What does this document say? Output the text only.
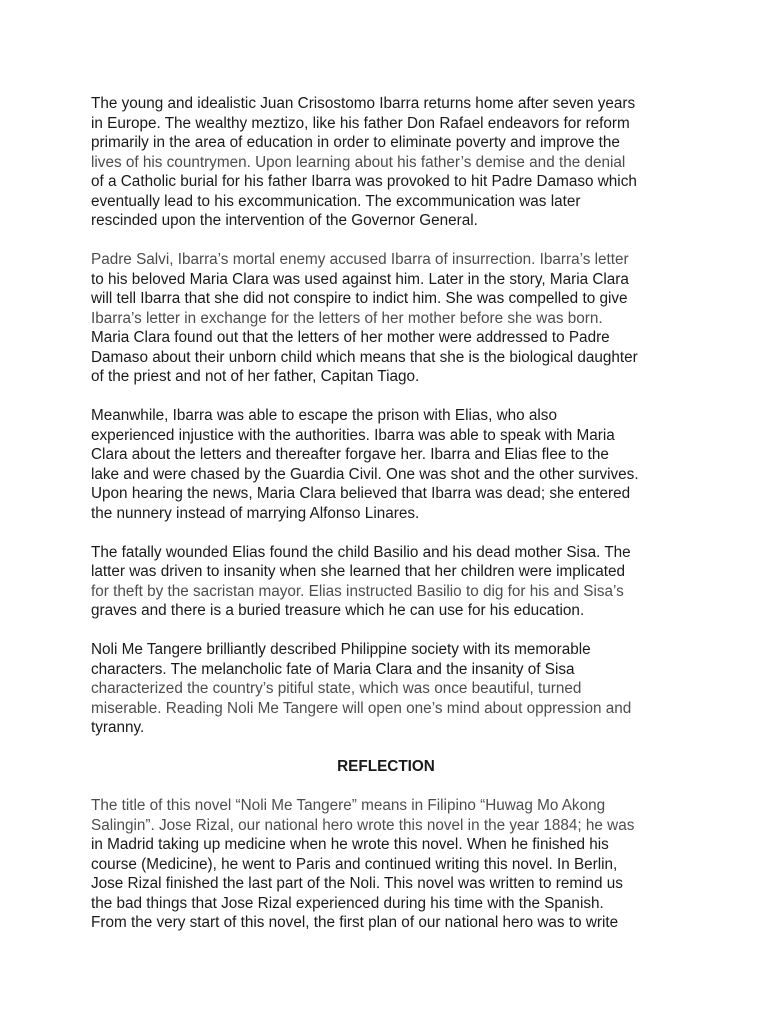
The young and idealistic Juan Crisostomo Ibarra returns home after seven years
in Europe. The wealthy meztizo, like his father Don Rafael endeavors for reform
primarily in the area of education in order to eliminate poverty and improve the
lives of his countrymen. Upon learning about his father’s demise and the denial
of a Catholic burial for his father Ibarra was provoked to hit Padre Damaso which
eventually lead to his excommunication. The excommunication was later
rescinded upon the intervention of the Governor General.

Padre Salvi, Ibarra’s mortal enemy accused Ibarra of insurrection. Ibarra’s letter
to his beloved Maria Clara was used against him. Later in the story, Maria Clara
will tell Ibarra that she did not conspire to indict him. She was compelled to give
Ibarra’s letter in exchange for the letters of her mother before she was born.
Maria Clara found out that the letters of her mother were addressed to Padre
Damaso about their unborn child which means that she is the biological daughter
of the priest and not of her father, Capitan Tiago.

Meanwhile, Ibarra was able to escape the prison with Elias, who also
experienced injustice with the authorities. Ibarra was able to speak with Maria
Clara about the letters and thereafter forgave her. Ibarra and Elias flee to the
lake and were chased by the Guardia Civil. One was shot and the other survives.
Upon hearing the news, Maria Clara believed that Ibarra was dead; she entered
the nunnery instead of marrying Alfonso Linares.

The fatally wounded Elias found the child Basilio and his dead mother Sisa. The
latter was driven to insanity when she learned that her children were implicated
for theft by the sacristan mayor. Elias instructed Basilio to dig for his and Sisa’s
graves and there is a buried treasure which he can use for his education.

Noli Me Tangere brilliantly described Philippine society with its memorable
characters. The melancholic fate of Maria Clara and the insanity of Sisa
characterized the country’s pitiful state, which was once beautiful, turned
miserable. Reading Noli Me Tangere will open one’s mind about oppression and
tyranny.

REFLECTION

The title of this novel “Noli Me Tangere” means in Filipino “Huwag Mo Akong
Salingin”. Jose Rizal, our national hero wrote this novel in the year 1884; he was
in Madrid taking up medicine when he wrote this novel. When he finished his
course (Medicine), he went to Paris and continued writing this novel. In Berlin,
Jose Rizal finished the last part of the Noli. This novel was written to remind us
the bad things that Jose Rizal experienced during his time with the Spanish.
From the very start of this novel, the first plan of our national hero was to write
